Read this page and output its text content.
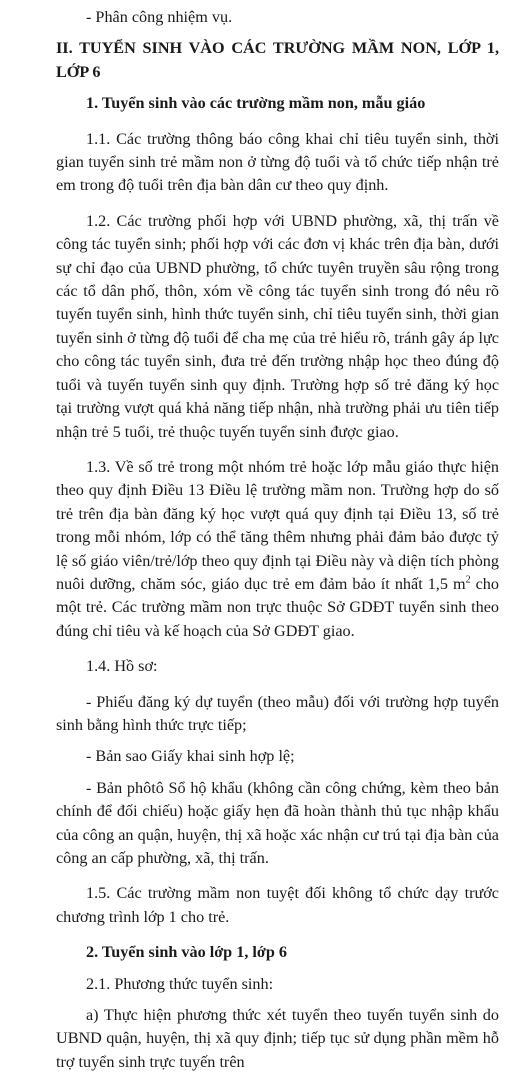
- Phân công nhiệm vụ.

II. TUYỂN SINH VÀO CÁC TRƯỜNG MẦM NON, LỚP 1, LỚP 6

1. Tuyển sinh vào các trường mầm non, mẫu giáo

1.1. Các trường thông báo công khai chỉ tiêu tuyển sinh, thời gian tuyển sinh trẻ mầm non ở từng độ tuổi và tổ chức tiếp nhận trẻ em trong độ tuổi trên địa bàn dân cư theo quy định.

1.2. Các trường phối hợp với UBND phường, xã, thị trấn về công tác tuyển sinh; phối hợp với các đơn vị khác trên địa bàn, dưới sự chỉ đạo của UBND phường, tổ chức tuyên truyền sâu rộng trong các tổ dân phố, thôn, xóm về công tác tuyển sinh trong đó nêu rõ tuyến tuyển sinh, hình thức tuyển sinh, chỉ tiêu tuyển sinh, thời gian tuyển sinh ở từng độ tuổi để cha mẹ của trẻ hiểu rõ, tránh gây áp lực cho công tác tuyển sinh, đưa trẻ đến trường nhập học theo đúng độ tuổi và tuyến tuyển sinh quy định. Trường hợp số trẻ đăng ký học tại trường vượt quá khả năng tiếp nhận, nhà trường phải ưu tiên tiếp nhận trẻ 5 tuổi, trẻ thuộc tuyến tuyển sinh được giao.

1.3. Về số trẻ trong một nhóm trẻ hoặc lớp mẫu giáo thực hiện theo quy định Điều 13 Điều lệ trường mầm non. Trường hợp do số trẻ trên địa bàn đăng ký học vượt quá quy định tại Điều 13, số trẻ trong mỗi nhóm, lớp có thể tăng thêm nhưng phải đảm bảo được tỷ lệ số giáo viên/trẻ/lớp theo quy định tại Điều này và diện tích phòng nuôi dưỡng, chăm sóc, giáo dục trẻ em đảm bảo ít nhất 1,5 $m^2$ cho một trẻ. Các trường mầm non trực thuộc Sở GDĐT tuyển sinh theo đúng chỉ tiêu và kế hoạch của Sở GDĐT giao.

1.4. Hồ sơ:

- Phiếu đăng ký dự tuyển (theo mẫu) đối với trường hợp tuyển sinh bằng hình thức trực tiếp;

- Bản sao Giấy khai sinh hợp lệ;

- Bản phôtô Sổ hộ khẩu (không cần công chứng, kèm theo bản chính để đối chiếu) hoặc giấy hẹn đã hoàn thành thủ tục nhập khẩu của công an quận, huyện, thị xã hoặc xác nhận cư trú tại địa bàn của công an cấp phường, xã, thị trấn.

1.5. Các trường mầm non tuyệt đối không tổ chức dạy trước chương trình lớp 1 cho trẻ.

2. Tuyển sinh vào lớp 1, lớp 6

2.1. Phương thức tuyển sinh:

a) Thực hiện phương thức xét tuyển theo tuyến tuyển sinh do UBND quận, huyện, thị xã quy định; tiếp tục sử dụng phần mềm hỗ trợ tuyển sinh trực tuyến trên
